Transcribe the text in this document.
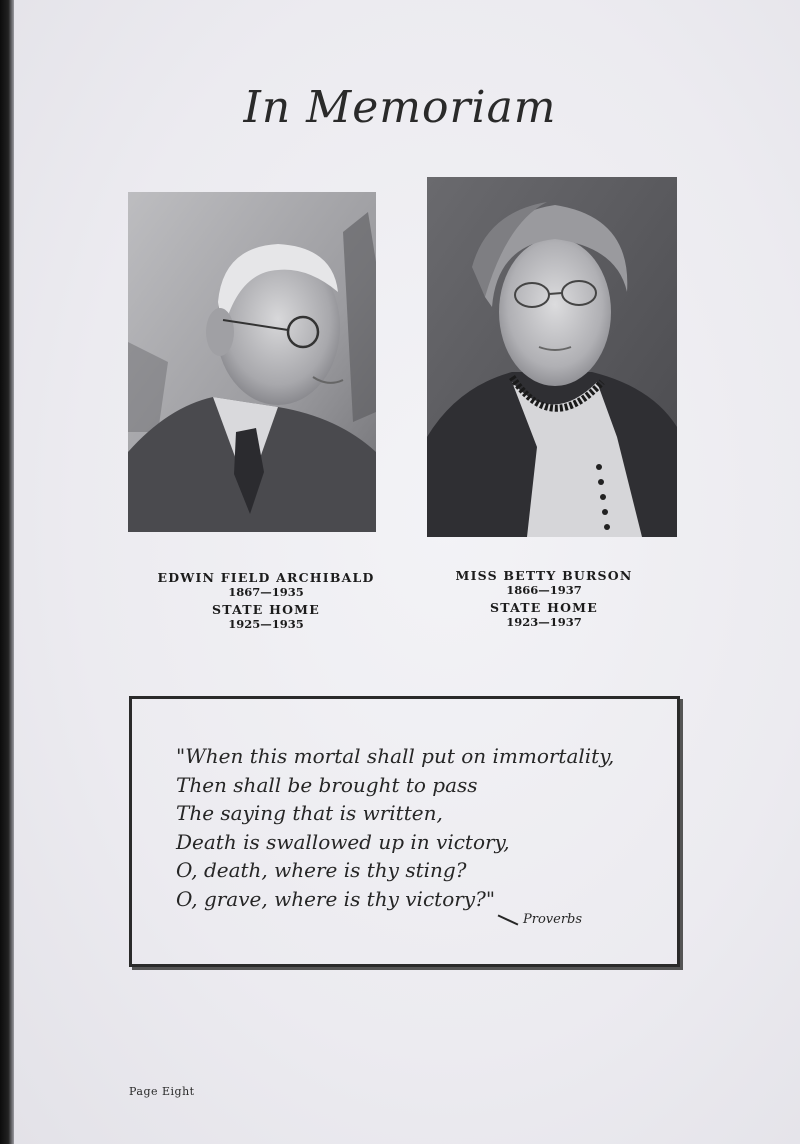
In Memoriam
EDWIN FIELD ARCHIBALD
1867—1935
STATE HOME
1925—1935
MISS BETTY BURSON
1866—1937
STATE HOME
1923—1937
"When this mortal shall put on immortality,
Then shall be brought to pass
The saying that is written,
Death is swallowed up in victory,
O, death, where is thy sting?
O, grave, where is thy victory?"
Proverbs
Page Eight
